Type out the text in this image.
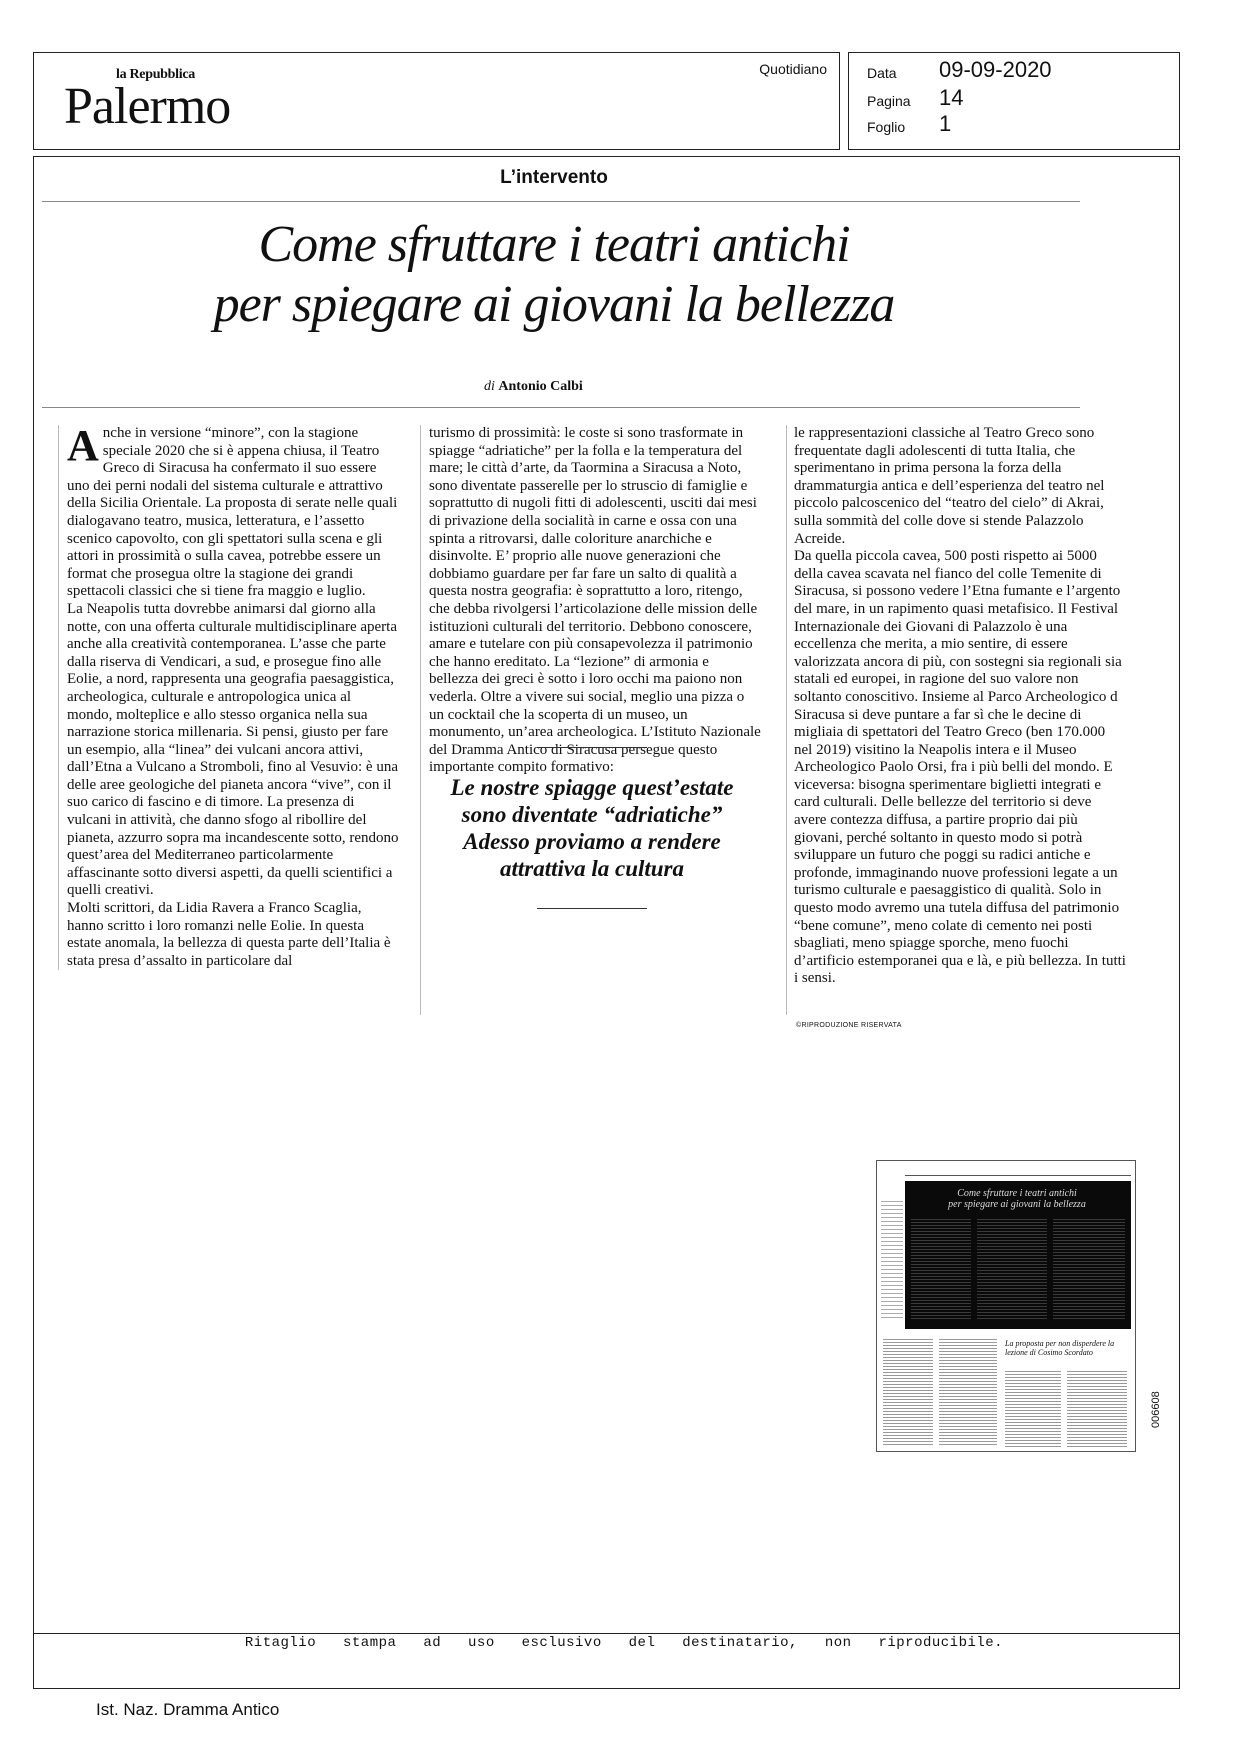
la Repubblica
Palermo
Quotidiano	Data 09-09-2020
Pagina 14
Foglio 1
L’intervento
Come sfruttare i teatri antichi
per spiegare ai giovani la bellezza
di Antonio Calbi
A nche in versione “minore”, con la stagione speciale 2020 che si è appena chiusa, il Teatro Greco di Siracusa ha confermato il suo essere uno dei perni nodali del sistema culturale e attrattivo della Sicilia Orientale. La proposta di serate nelle quali dialogavano teatro, musica, letteratura, e l’assetto scenico capovolto, con gli spettatori sulla scena e gli attori in prossimità o sulla cavea, potrebbe essere un format che prosegua oltre la stagione dei grandi spettacoli classici che si tiene fra maggio e luglio.

La Neapolis tutta dovrebbe animarsi dal giorno alla notte, con una offerta culturale multidisciplinare aperta anche alla creatività contemporanea. L’asse che parte dalla riserva di Vendicari, a sud, e prosegue fino alle Eolie, a nord, rappresenta una geografia paesaggistica, archeologica, culturale e antropologica unica al mondo, molteplice e allo stesso organica nella sua narrazione storica millenaria. Si pensi, giusto per fare un esempio, alla “linea” dei vulcani ancora attivi, dall’Etna a Vulcano a Stromboli, fino al Vesuvio: è una delle aree geologiche del pianeta ancora “vive”, con il suo carico di fascino e di timore. La presenza di vulcani in attività, che danno sfogo al ribollire del pianeta, azzurro sopra ma incandescente sotto, rendono quest’area del Mediterraneo particolarmente affascinante sotto diversi aspetti, da quelli scientifici a quelli creativi.

Molti scrittori, da Lidia Ravera a Franco Scaglia, hanno scritto i loro romanzi nelle Eolie. In questa estate anomala, la bellezza di questa parte dell’Italia è stata presa d’assalto in particolare dal

turismo di prossimità: le coste si sono trasformate in spiagge “adriatiche” per la folla e la temperatura del mare; le città d’arte, da Taormina a Siracusa a Noto, sono diventate passerelle per lo struscio di famiglie e soprattutto di nugoli fitti di adolescenti, usciti dai mesi di privazione della socialità in carne e ossa con una spinta a ritrovarsi, dalle coloriture anarchiche e disinvolte. E’ proprio alle nuove generazioni che dobbiamo guardare per far fare un salto di qualità a questa nostra geografia: è soprattutto a loro, ritengo, che debba rivolgersi l’articolazione delle mission delle istituzioni culturali del territorio. Debbono conoscere, amare e tutelare con più consapevolezza il patrimonio che hanno ereditato. La “lezione” di armonia e bellezza dei greci è sotto i loro occhi ma paiono non vederla. Oltre a vivere sui social, meglio una pizza o un cocktail che la scoperta di un museo, un monumento, un’area archeologica. L’Istituto Nazionale del Dramma Antico di Siracusa persegue questo importante compito formativo:

Le nostre spiagge quest’estate sono diventate “adriatiche” Adesso proviamo a rendere attrattiva la cultura

le rappresentazioni classiche al Teatro Greco sono frequentate dagli adolescenti di tutta Italia, che sperimentano in prima persona la forza della drammaturgia antica e dell’esperienza del teatro nel piccolo palcoscenico del “teatro del cielo” di Akrai, sulla sommità del colle dove si stende Palazzolo Acreide.

Da quella piccola cavea, 500 posti rispetto ai 5000 della cavea scavata nel fianco del colle Temenite di Siracusa, si possono vedere l’Etna fumante e l’argento del mare, in un rapimento quasi metafisico. Il Festival Internazionale dei Giovani di Palazzolo è una eccellenza che merita, a mio sentire, di essere valorizzata ancora di più, con sostegni sia regionali sia statali ed europei, in ragione del suo valore non soltanto conoscitivo. Insieme al Parco Archeologico d Siracusa si deve puntare a far sì che le decine di migliaia di spettatori del Teatro Greco (ben 170.000 nel 2019) visitino la Neapolis intera e il Museo Archeologico Paolo Orsi, fra i più belli del mondo. E viceversa: bisogna sperimentare biglietti integrati e card culturali. Delle bellezze del territorio si deve avere contezza diffusa, a partire proprio dai più giovani, perché soltanto in questo modo si potrà sviluppare un futuro che poggi su radici antiche e profonde, immaginando nuove professioni legate a un turismo culturale e paesaggistico di qualità. Solo in questo modo avremo una tutela diffusa del patrimonio “bene comune”, meno colate di cemento nei posti sbagliati, meno spiagge sporche, meno fuochi d’artificio estemporanei qua e là, e più bellezza. In tutti i sensi.

©RIPRODUZIONE RISERVATA
Come sfruttare i teatri antichi
per spiegare ai giovani la bellezza
La proposta per non disperdere la lezione di Cosimo Scordato
006608
Ritaglio stampa ad uso esclusivo del destinatario, non riproducibile.
Ist. Naz. Dramma Antico
